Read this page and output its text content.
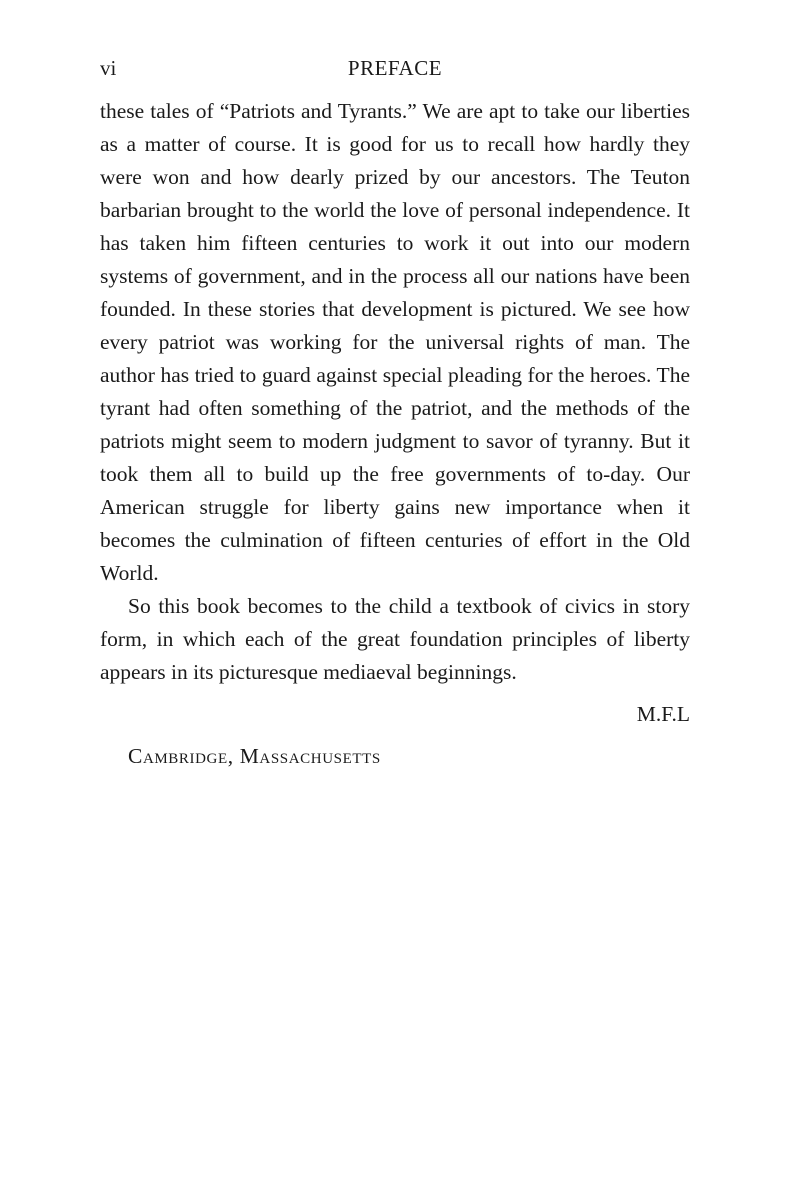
vi	PREFACE

these tales of “Patriots and Tyrants.” We are apt to take our liberties as a matter of course. It is good for us to recall how hardly they were won and how dearly prized by our ancestors. The Teuton barbarian brought to the world the love of personal independence. It has taken him fifteen centuries to work it out into our modern systems of government, and in the process all our nations have been founded. In these stories that development is pictured. We see how every patriot was working for the universal rights of man. The author has tried to guard against special pleading for the heroes. The tyrant had often something of the patriot, and the methods of the patriots might seem to modern judgment to savor of tyranny. But it took them all to build up the free governments of to-day. Our American struggle for liberty gains new importance when it becomes the culmination of fifteen centuries of effort in the Old World.

So this book becomes to the child a textbook of civics in story form, in which each of the great foundation principles of liberty appears in its picturesque mediaeval beginnings.

M.F.L
Cambridge, Massachusetts
